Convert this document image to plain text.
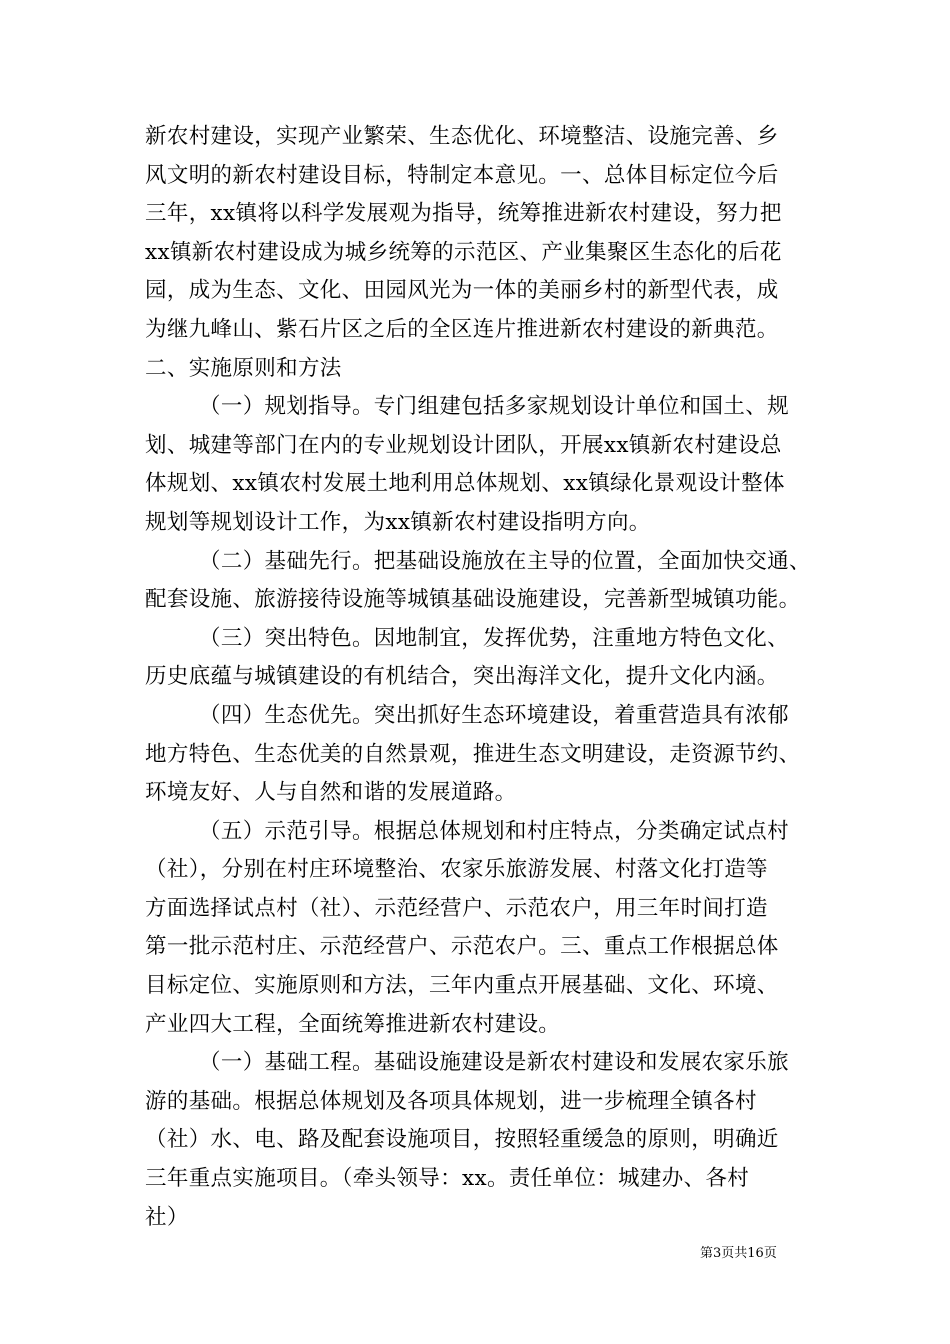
新农村建设，实现产业繁荣、生态优化、环境整洁、设施完善、乡
风文明的新农村建设目标，特制定本意见。一、总体目标定位今后
三年，xx镇将以科学发展观为指导，统筹推进新农村建设，努力把
xx镇新农村建设成为城乡统筹的示范区、产业集聚区生态化的后花
园，成为生态、文化、田园风光为一体的美丽乡村的新型代表，成
为继九峰山、紫石片区之后的全区连片推进新农村建设的新典范。
二、实施原则和方法
（一）规划指导。专门组建包括多家规划设计单位和国土、规
划、城建等部门在内的专业规划设计团队，开展xx镇新农村建设总
体规划、xx镇农村发展土地利用总体规划、xx镇绿化景观设计整体
规划等规划设计工作，为xx镇新农村建设指明方向。
（二）基础先行。把基础设施放在主导的位置，全面加快交通、
配套设施、旅游接待设施等城镇基础设施建设，完善新型城镇功能。
（三）突出特色。因地制宜，发挥优势，注重地方特色文化、
历史底蕴与城镇建设的有机结合，突出海洋文化，提升文化内涵。
（四）生态优先。突出抓好生态环境建设，着重营造具有浓郁
地方特色、生态优美的自然景观，推进生态文明建设，走资源节约、
环境友好、人与自然和谐的发展道路。
（五）示范引导。根据总体规划和村庄特点，分类确定试点村
（社），分别在村庄环境整治、农家乐旅游发展、村落文化打造等
方面选择试点村（社）、示范经营户、示范农户，用三年时间打造
第一批示范村庄、示范经营户、示范农户。三、重点工作根据总体
目标定位、实施原则和方法，三年内重点开展基础、文化、环境、
产业四大工程，全面统筹推进新农村建设。
（一）基础工程。基础设施建设是新农村建设和发展农家乐旅
游的基础。根据总体规划及各项具体规划，进一步梳理全镇各村
（社）水、电、路及配套设施项目，按照轻重缓急的原则，明确近
三年重点实施项目。（牵头领导：xx。责任单位：城建办、各村
社）
第3页共16页
